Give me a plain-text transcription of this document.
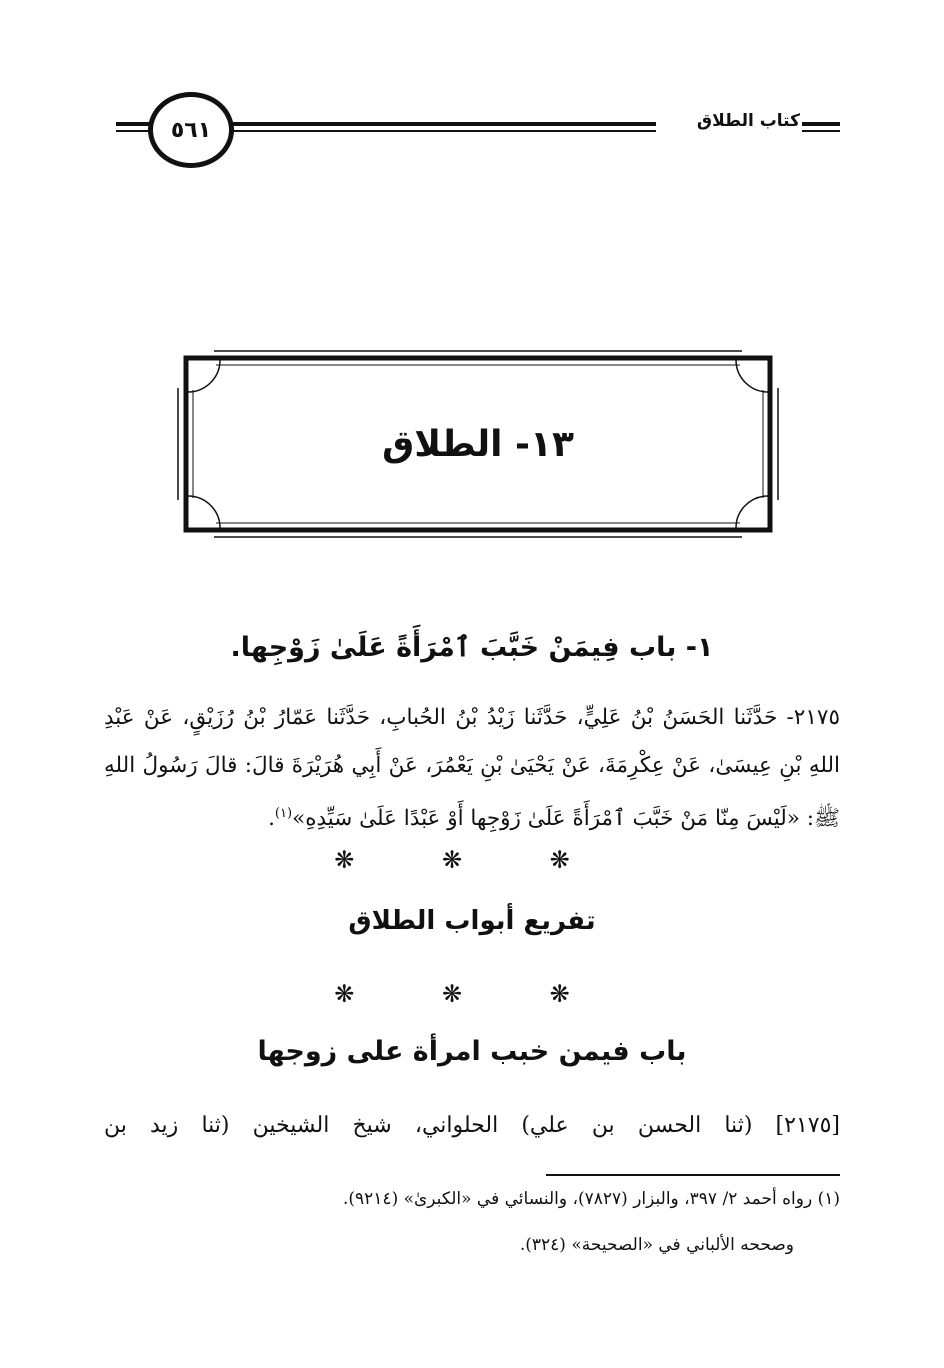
٥٦١	كتاب الطلاق
١٣- الطلاق
١- باب فِيمَنْ خَبَّبَ ٱمْرَأَةً عَلَىٰ زَوْجِها.
٢١٧٥- حَدَّثَنا الحَسَنُ بْنُ عَلِيٍّ، حَدَّثَنا زَيْدُ بْنُ الحُبابِ، حَدَّثَنا عَمّارُ بْنُ رُزَيْقٍ، عَنْ عَبْدِ اللهِ بْنِ عِيسَىٰ، عَنْ عِكْرِمَةَ، عَنْ يَحْيَىٰ بْنِ يَعْمُرَ، عَنْ أَبِي هُرَيْرَةَ قالَ: قالَ رَسُولُ اللهِ ﷺ: «لَيْسَ مِنّا مَنْ خَبَّبَ ٱمْرَأَةً عَلَىٰ زَوْجِها أَوْ عَبْدًا عَلَىٰ سَيِّدِهِ»$^{(١)}$.
❋ ❋ ❋
تفريع أبواب الطلاق
❋ ❋ ❋
باب فيمن خبب امرأة على زوجها
[٢١٧٥] (ثنا الحسن بن علي) الحلواني، شيخ الشيخين (ثنا زيد بن
(١) رواه أحمد ٢/ ٣٩٧، والبزار (٧٨٢٧)، والنسائي في «الكبرىٰ» (٩٢١٤).
وصححه الألباني في «الصحيحة» (٣٢٤).
